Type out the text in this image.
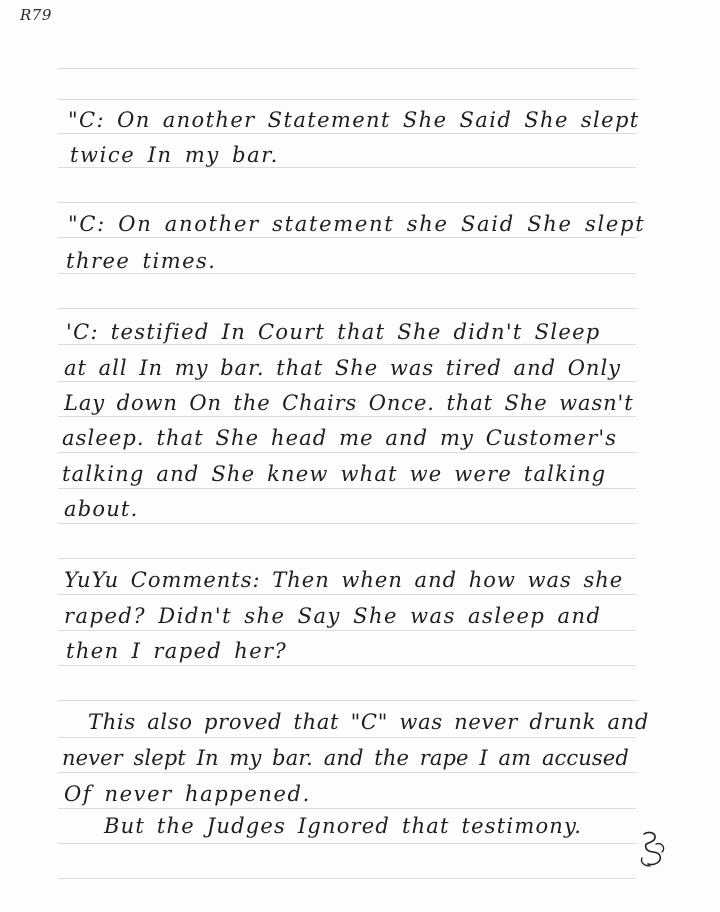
R79
"C: On another Statement She Said She slept
twice In my bar.
"C: On another statement she Said She slept
three times.
'C: testified In Court that She didn't Sleep
at all In my bar. that She was tired and Only
Lay down On the Chairs Once. that She wasn't
asleep. that She head me and my Customer's
talking and She knew what we were talking
about.
YuYu Comments: Then when and how was she
raped? Didn't she Say She was asleep and
then I raped her?
This also proved that "C" was never drunk and
never slept In my bar. and the rape I am accused
Of never happened.
But the Judges Ignored that testimony.
